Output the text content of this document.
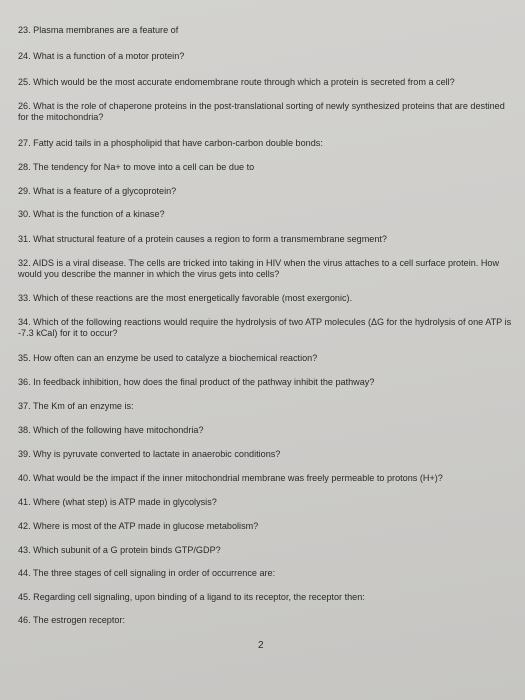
23. Plasma membranes are a feature of
24. What is a function of a motor protein?
25. Which would be the most accurate endomembrane route through which a protein is secreted from a cell?
26. What is the role of chaperone proteins in the post-translational sorting of newly synthesized proteins that are destined for the mitochondria?
27. Fatty acid tails in a phospholipid that have carbon-carbon double bonds:
28. The tendency for Na+ to move into a cell can be due to
29. What is a feature of a glycoprotein?
30. What is the function of a kinase?
31. What structural feature of a protein causes a region to form a transmembrane segment?
32. AIDS is a viral disease. The cells are tricked into taking in HIV when the virus attaches to a cell surface protein. How would you describe the manner in which the virus gets into cells?
33. Which of these reactions are the most energetically favorable (most exergonic).
34. Which of the following reactions would require the hydrolysis of two ATP molecules (ΔG for the hydrolysis of one ATP is -7.3 kCal) for it to occur?
35. How often can an enzyme be used to catalyze a biochemical reaction?
36. In feedback inhibition, how does the final product of the pathway inhibit the pathway?
37. The Km of an enzyme is:
38. Which of the following have mitochondria?
39. Why is pyruvate converted to lactate in anaerobic conditions?
40. What would be the impact if the inner mitochondrial membrane was freely permeable to protons (H+)?
41. Where (what step) is ATP made in glycolysis?
42. Where is most of the ATP made in glucose metabolism?
43. Which subunit of a G protein binds GTP/GDP?
44. The three stages of cell signaling in order of occurrence are:
45. Regarding cell signaling, upon binding of a ligand to its receptor, the receptor then:
46. The estrogen receptor:
2
